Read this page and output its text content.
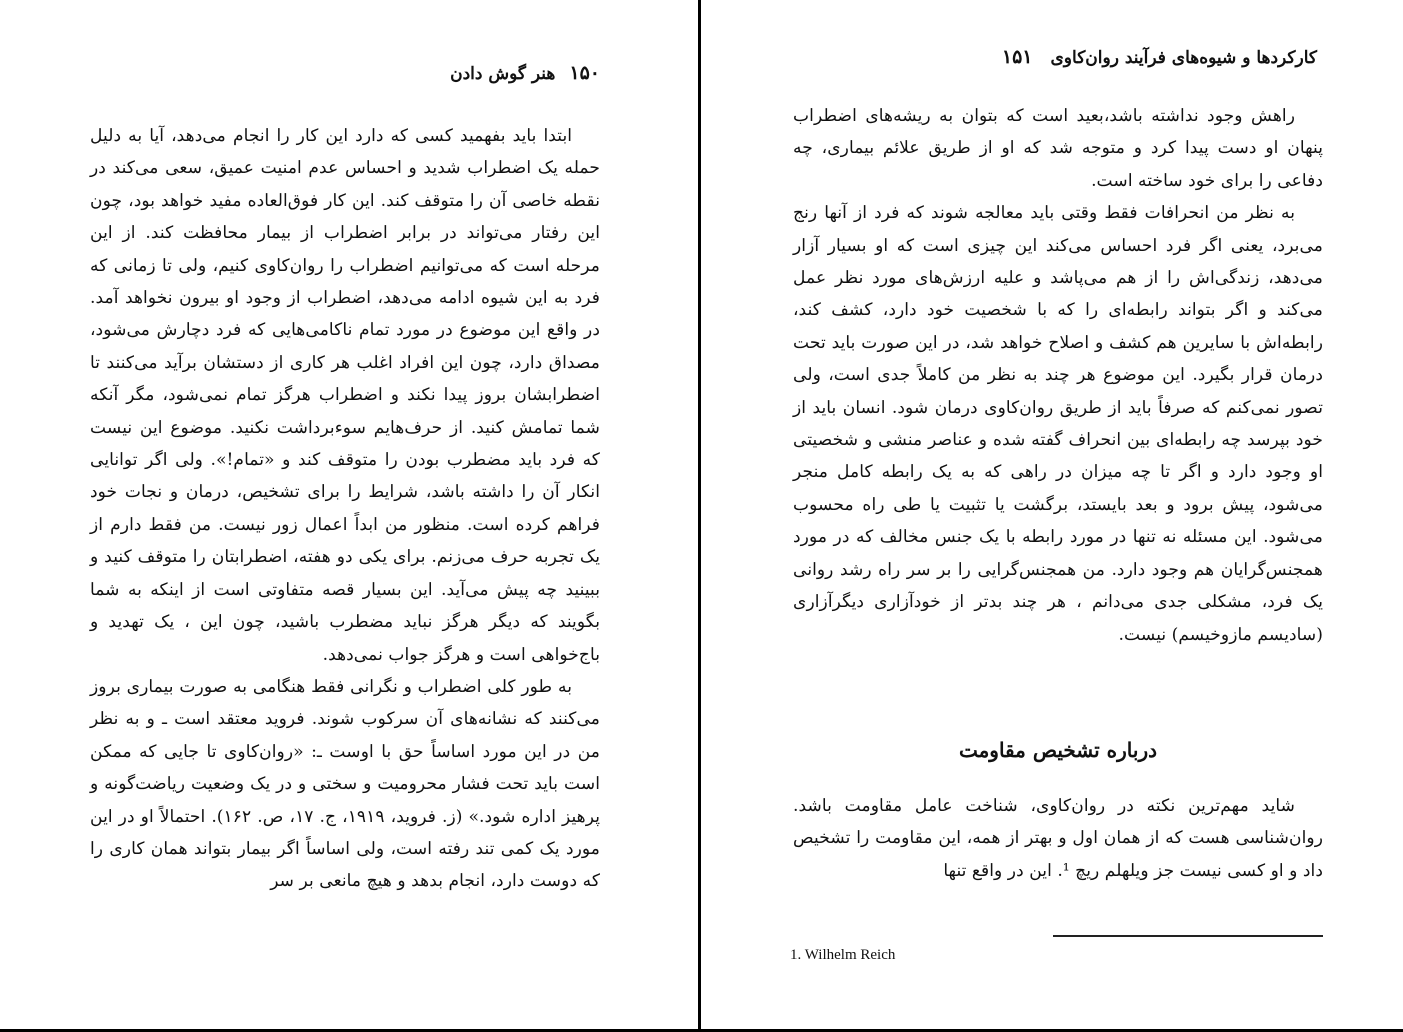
۱۵۰هنر گوش دادن

ابتدا باید بفهمید کسی که دارد این کار را انجام می‌دهد، آیا به دلیل حمله یک اضطراب شدید و احساس عدم امنیت عمیق، سعی می‌کند در نقطه خاصی آن را متوقف کند. این کار فوق‌العاده مفید خواهد بود، چون این رفتار می‌تواند در برابر اضطراب از بیمار محافظت کند. از این مرحله است که می‌توانیم اضطراب را روان‌کاوی کنیم، ولی تا زمانی که فرد به این شیوه ادامه می‌دهد، اضطراب از وجود او بیرون نخواهد آمد. در واقع این موضوع در مورد تمام ناکامی‌هایی که فرد دچارش می‌شود، مصداق دارد، چون این افراد اغلب هر کاری از دستشان برآید می‌کنند تا اضطرابشان بروز پیدا نکند و اضطراب هرگز تمام نمی‌شود، مگر آنکه شما تمامش کنید. از حرف‌هایم سوءبرداشت نکنید. موضوع این نیست که فرد باید مضطرب بودن را متوقف کند و «تمام!». ولی اگر توانایی انکار آن را داشته باشد، شرایط را برای تشخیص، درمان و نجات خود فراهم کرده است. منظور من ابداً اعمال زور نیست. من فقط دارم از یک تجربه حرف می‌زنم. برای یکی دو هفته، اضطرابتان را متوقف کنید و ببینید چه پیش می‌آید. این بسیار قصه متفاوتی است از اینکه به شما بگویند که دیگر هرگز نباید مضطرب باشید، چون این ، یک تهدید و باج‌خواهی است و هرگز جواب نمی‌دهد.

به طور کلی اضطراب و نگرانی فقط هنگامی به صورت بیماری بروز می‌کنند که نشانه‌های آن سرکوب شوند. فروید معتقد است ـ و به نظر من در این مورد اساساً حق با اوست ـ: «روان‌کاوی تا جایی که ممکن است باید تحت فشار محرومیت و سختی و در یک وضعیت ریاضت‌گونه و پرهیز اداره شود.» (ز. فروید، ۱۹۱۹، ج. ۱۷، ص. ۱۶۲). احتمالاً او در این مورد یک کمی تند رفته است، ولی اساساً اگر بیمار بتواند همان کاری را که دوست دارد، انجام بدهد و هیچ مانعی بر سر

کارکردها و شیوه‌های فرآیند روان‌کاوی۱۵۱

راهش وجود نداشته باشد،بعید است که بتوان به ریشه‌های اضطراب پنهان او دست پیدا کرد و متوجه شد که او از طریق علائم بیماری، چه دفاعی را برای خود ساخته است.

به نظر من انحرافات فقط وقتی باید معالجه شوند که فرد از آنها رنج می‌برد، یعنی اگر فرد احساس می‌کند این چیزی است که او بسیار آزار می‌دهد، زندگی‌اش را از هم می‌پاشد و علیه ارزش‌های مورد نظر عمل می‌کند و اگر بتواند رابطه‌ای را که با شخصیت خود دارد، کشف کند، رابطه‌اش با سایرین هم کشف و اصلاح خواهد شد، در این صورت باید تحت درمان قرار بگیرد. این موضوع هر چند به نظر من کاملاً جدی است، ولی تصور نمی‌کنم که صرفاً باید از طریق روان‌کاوی درمان شود. انسان باید از خود بپرسد چه رابطه‌ای بین انحراف گفته شده و عناصر منشی و شخصیتی او وجود دارد و اگر تا چه میزان در راهی که به یک رابطه کامل منجر می‌شود، پیش برود و بعد بایستد، برگشت یا تثبیت یا طی راه محسوب می‌شود. این مسئله نه تنها در مورد رابطه با یک جنس مخالف که در مورد همجنس‌گرایان هم وجود دارد. من همجنس‌گرایی را بر سر راه رشد روانی یک فرد، مشکلی جدی می‌دانم ، هر چند بدتر از خودآزاری دیگرآزاری (سادیسم مازوخیسم) نیست.

درباره تشخیص مقاومت

شاید مهم‌ترین نکته در روان‌کاوی، شناخت عامل مقاومت باشد. روان‌شناسی هست که از همان اول و بهتر از همه، این مقاومت را تشخیص داد و او کسی نیست جز ویلهلم ریچ ¹. این در واقع تنها

1. Wilhelm Reich
